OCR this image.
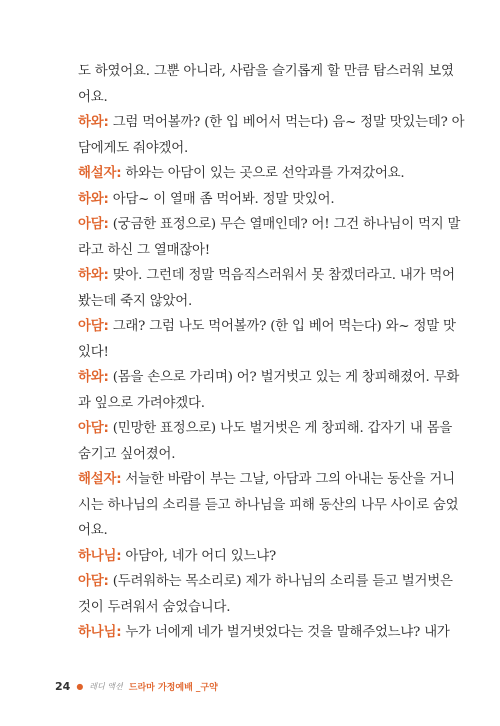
도 하였어요. 그뿐 아니라, 사람을 슬기롭게 할 만큼 탐스러워 보였
어요.
하와: 그럼 먹어볼까? (한 입 베어서 먹는다) 음~ 정말 맛있는데? 아
담에게도 줘야겠어.
해설자: 하와는 아담이 있는 곳으로 선악과를 가져갔어요.
하와: 아담~ 이 열매 좀 먹어봐. 정말 맛있어.
아담: (궁금한 표정으로) 무슨 열매인데? 어! 그건 하나님이 먹지 말
라고 하신 그 열매잖아!
하와: 맞아. 그런데 정말 먹음직스러워서 못 참겠더라고. 내가 먹어
봤는데 죽지 않았어.
아담: 그래? 그럼 나도 먹어볼까? (한 입 베어 먹는다) 와~ 정말 맛
있다!
하와: (몸을 손으로 가리며) 어? 벌거벗고 있는 게 창피해졌어. 무화
과 잎으로 가려야겠다.
아담: (민망한 표정으로) 나도 벌거벗은 게 창피해. 갑자기 내 몸을
숨기고 싶어졌어.
해설자: 서늘한 바람이 부는 그날, 아담과 그의 아내는 동산을 거니
시는 하나님의 소리를 듣고 하나님을 피해 동산의 나무 사이로 숨었
어요.
하나님: 아담아, 네가 어디 있느냐?
아담: (두려워하는 목소리로) 제가 하나님의 소리를 듣고 벌거벗은
것이 두려워서 숨었습니다.
하나님: 누가 너에게 네가 벌거벗었다는 것을 말해주었느냐? 내가
24 ● 레디 액션 드라마 가정예배 _구약
